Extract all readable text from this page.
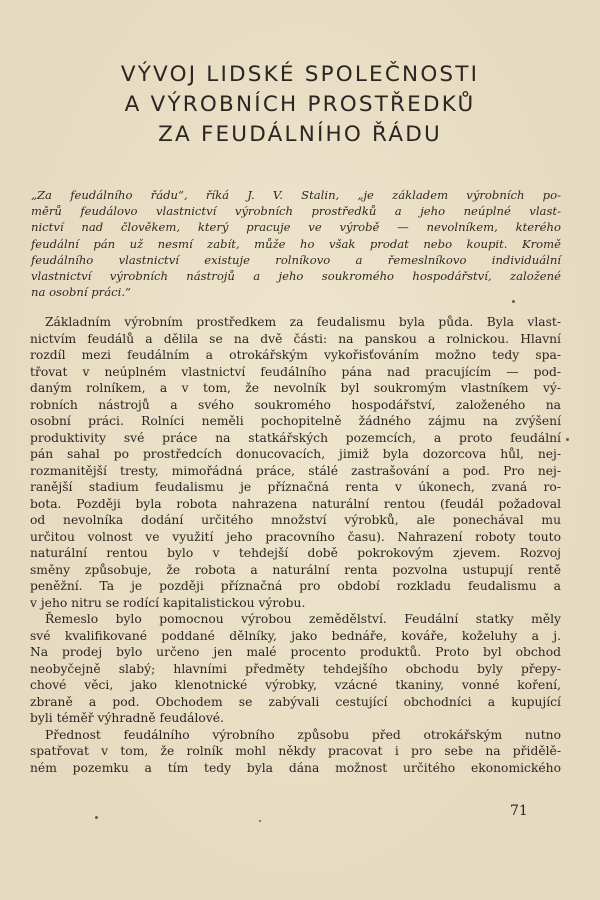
VÝVOJ LIDSKÉ SPOLEČNOSTI
A VÝROBNÍCH PROSTŘEDKŮ
ZA FEUDÁLNÍHO ŘÁDU
„Za feudálního řádu“, říká J. V. Stalin, „je základem výrobních po-
měrů feudálovo vlastnictví výrobních prostředků a jeho neúplné vlast-
nictví nad člověkem, který pracuje ve výrobě — nevolníkem, kterého
feudální pán už nesmí zabít, může ho však prodat nebo koupit. Kromě
feudálního vlastnictví existuje rolníkovo a řemeslníkovo individuální
vlastnictví výrobních nástrojů a jeho soukromého hospodářství, založené
na osobní práci.“
Základním výrobním prostředkem za feudalismu byla půda. Byla vlast-
nictvím feudálů a dělila se na dvě části: na panskou a rolnickou. Hlavní
rozdíl mezi feudálním a otrokářským vykořisťováním možno tedy spa-
třovat v neúplném vlastnictví feudálního pána nad pracujícím — pod-
daným rolníkem, a v tom, že nevolník byl soukromým vlastníkem vý-
robních nástrojů a svého soukromého hospodářství, založeného na
osobní práci. Rolníci neměli pochopitelně žádného zájmu na zvýšení
produktivity své práce na statkářských pozemcích, a proto feudální
pán sahal po prostředcích donucovacích, jimiž byla dozorcova hůl, nej-
rozmanitější tresty, mimořádná práce, stálé zastrašování a pod. Pro nej-
ranější stadium feudalismu je příznačná renta v úkonech, zvaná ro-
bota. Později byla robota nahrazena naturální rentou (feudál požadoval
od nevolníka dodání určitého množství výrobků, ale ponechával mu
určitou volnost ve využití jeho pracovního času). Nahrazení roboty touto
naturální rentou bylo v tehdejší době pokrokovým zjevem. Rozvoj
směny způsobuje, že robota a naturální renta pozvolna ustupují rentě
peněžní. Ta je později příznačná pro období rozkladu feudalismu a
v jeho nitru se rodící kapitalistickou výrobu.
Řemeslo bylo pomocnou výrobou zemědělství. Feudální statky měly
své kvalifikované poddané dělníky, jako bednáře, kováře, koželuhy a j.
Na prodej bylo určeno jen malé procento produktů. Proto byl obchod
neobyčejně slabý; hlavními předměty tehdejšího obchodu byly přepy-
chové věci, jako klenotnické výrobky, vzácné tkaniny, vonné koření,
zbraně a pod. Obchodem se zabývali cestující obchodníci a kupující
byli téměř výhradně feudálové.
Přednost feudálního výrobního způsobu před otrokářským nutno
spatřovat v tom, že rolník mohl někdy pracovat i pro sebe na přidělě-
ném pozemku a tím tedy byla dána možnost určitého ekonomického
71
